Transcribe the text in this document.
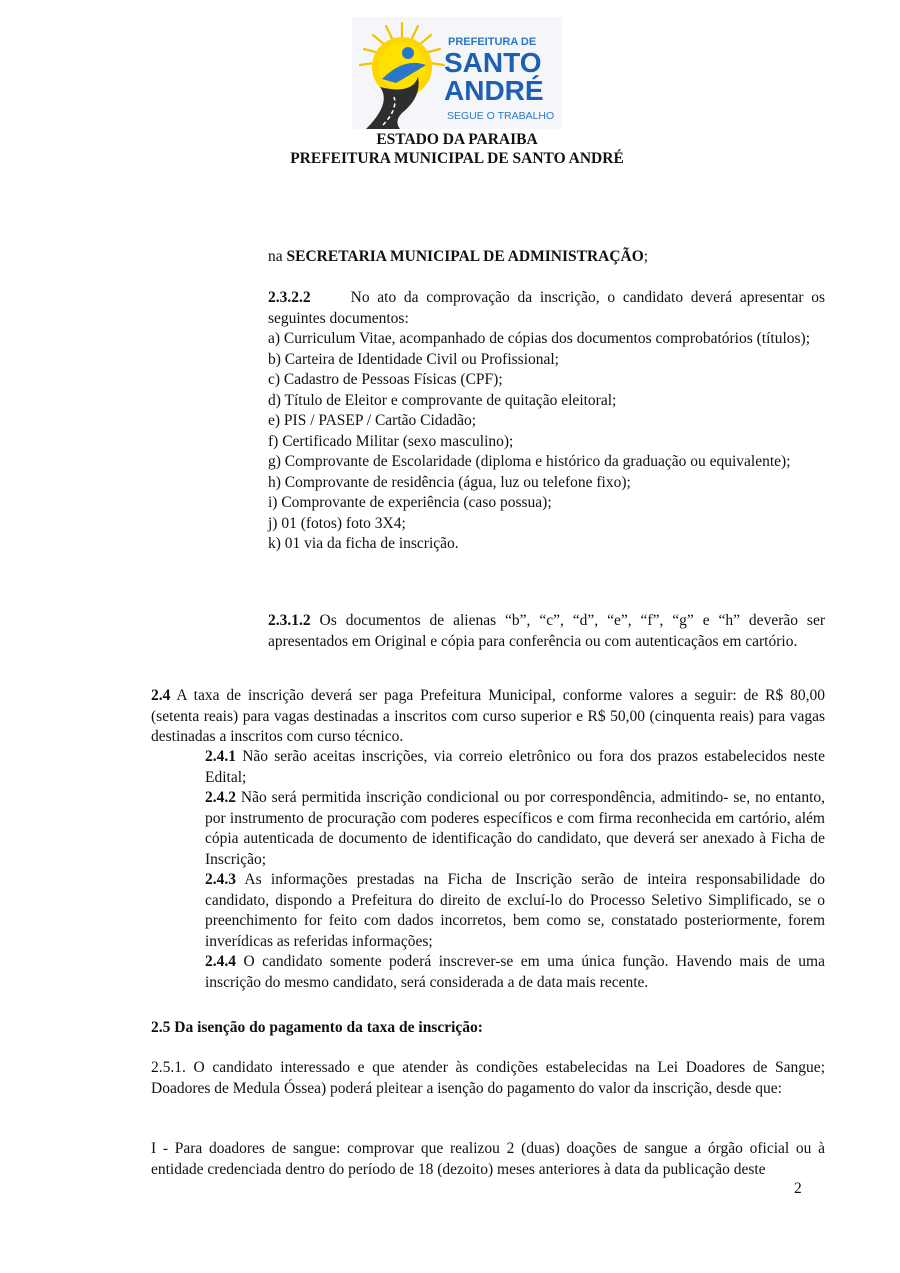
PREFEITURA DE
SANTO
ANDRÉ
SEGUE O TRABALHO
ESTADO DA PARAIBA
PREFEITURA MUNICIPAL DE SANTO ANDRÉ
na SECRETARIA MUNICIPAL DE ADMINISTRAÇÃO;

2.3.2.2	No ato da comprovação da inscrição, o candidato deverá apresentar os seguintes documentos:

a) Curriculum Vitae, acompanhado de cópias dos documentos comprobatórios (títulos);

b) Carteira de Identidade Civil ou Profissional;

c) Cadastro de Pessoas Físicas (CPF);

d) Título de Eleitor e comprovante de quitação eleitoral;

e) PIS / PASEP / Cartão Cidadão;

f) Certificado Militar (sexo masculino);

g) Comprovante de Escolaridade (diploma e histórico da graduação ou equivalente);

h) Comprovante de residência (água, luz ou telefone fixo);

i) Comprovante de experiência (caso possua);

j) 01 (fotos) foto 3X4;

k) 01 via da ficha de inscrição.

2.3.1.2 Os documentos de alienas “b”, “c”, “d”, “e”, “f”, “g” e “h” deverão ser apresentados em Original e cópia para conferência ou com autenticaçãos em cartório.
2.4 A taxa de inscrição deverá ser paga Prefeitura Municipal, conforme valores a seguir: de R$ 80,00 (setenta reais) para vagas destinadas a inscritos com curso superior e R$ 50,00 (cinquenta reais) para vagas destinadas a inscritos com curso técnico.

2.4.1 Não serão aceitas inscrições, via correio eletrônico ou fora dos prazos estabelecidos neste Edital;

2.4.2 Não será permitida inscrição condicional ou por correspondência, admitindo- se, no entanto, por instrumento de procuração com poderes específicos e com firma reconhecida em cartório, além cópia autenticada de documento de identificação do candidato, que deverá ser anexado à Ficha de Inscrição;

2.4.3 As informações prestadas na Ficha de Inscrição serão de inteira responsabilidade do candidato, dispondo a Prefeitura do direito de excluí-lo do Processo Seletivo Simplificado, se o preenchimento for feito com dados incorretos, bem como se, constatado posteriormente, forem inverídicas as referidas informações;

2.4.4 O candidato somente poderá inscrever-se em uma única função. Havendo mais de uma inscrição do mesmo candidato, será considerada a de data mais recente.

2.5 Da isenção do pagamento da taxa de inscrição:
2.5.1. O candidato interessado e que atender às condições estabelecidas na Lei Doadores de Sangue; Doadores de Medula Óssea) poderá pleitear a isenção do pagamento do valor da inscrição, desde que:
I - Para doadores de sangue: comprovar que realizou 2 (duas) doações de sangue a órgão oficial ou à entidade credenciada dentro do período de 18 (dezoito) meses anteriores à data da publicação deste
2
